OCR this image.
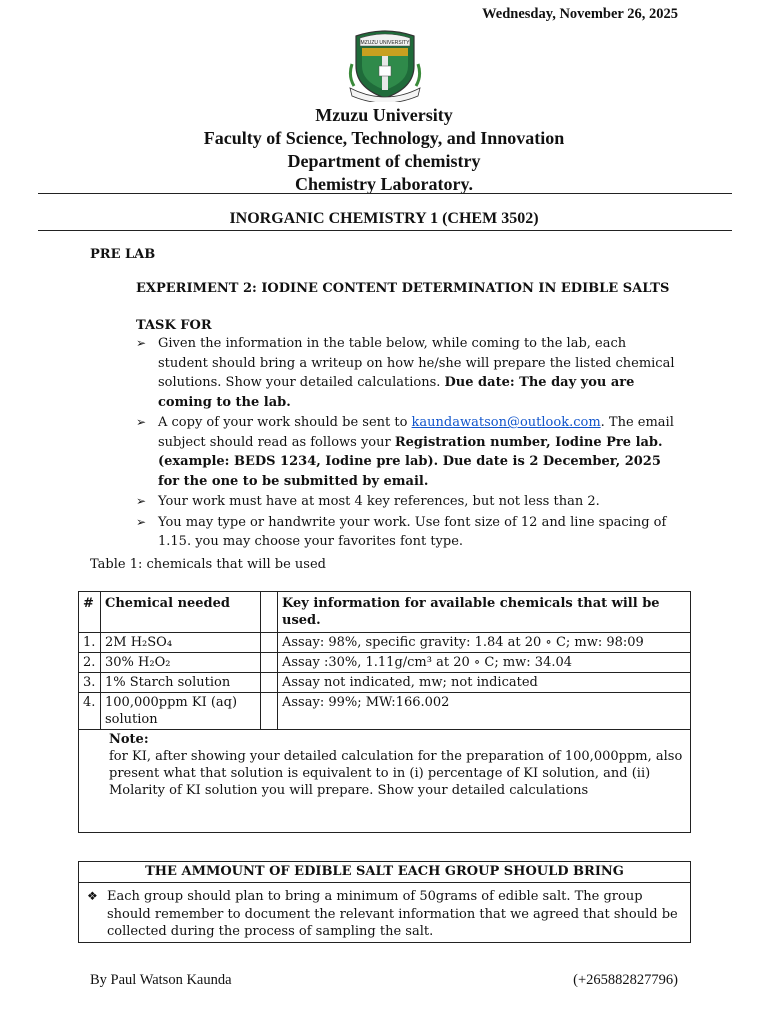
Wednesday, November 26, 2025
MZUZU UNIVERSITY
Mzuzu University
Faculty of Science, Technology, and Innovation
Department of chemistry
Chemistry Laboratory.
INORGANIC CHEMISTRY 1 (CHEM 3502)
PRE LAB
EXPERIMENT 2: IODINE CONTENT DETERMINATION IN EDIBLE SALTS
TASK FOR
➢ Given the information in the table below, while coming to the lab, each student should bring a writeup on how he/she will prepare the listed chemical solutions. Show your detailed calculations. Due date: The day you are coming to the lab.
➢ A copy of your work should be sent to kaundawatson@outlook.com. The email subject should read as follows your Registration number, Iodine Pre lab. (example: BEDS 1234, Iodine pre lab). Due date is 2 December, 2025 for the one to be submitted by email.
➢ Your work must have at most 4 key references, but not less than 2.
➢ You may type or handwrite your work. Use font size of 12 and line spacing of 1.15. you may choose your favorites font type.
Table 1: chemicals that will be used
#	Chemical needed		Key information for available chemicals that will be used.
1.	2M H₂SO₄		Assay: 98%, specific gravity: 1.84 at 20 ∘ C; mw: 98:09
2.	30% H₂O₂		Assay :30%, 1.11g/cm³ at 20 ∘ C; mw: 34.04
3.	1% Starch solution		Assay not indicated, mw; not indicated
4.	100,000ppm KI (aq) solution		Assay: 99%; MW:166.002
Note:
for KI, after showing your detailed calculation for the preparation of 100,000ppm, also present what that solution is equivalent to in (i) percentage of KI solution, and (ii) Molarity of KI solution you will prepare. Show your detailed calculations			
THE AMMOUNT OF EDIBLE SALT EACH GROUP SHOULD BRING
❖ Each group should plan to bring a minimum of 50grams of edible salt. The group should remember to document the relevant information that we agreed that should be collected during the process of sampling the salt.
By Paul Watson Kaunda	(+265882827796)
